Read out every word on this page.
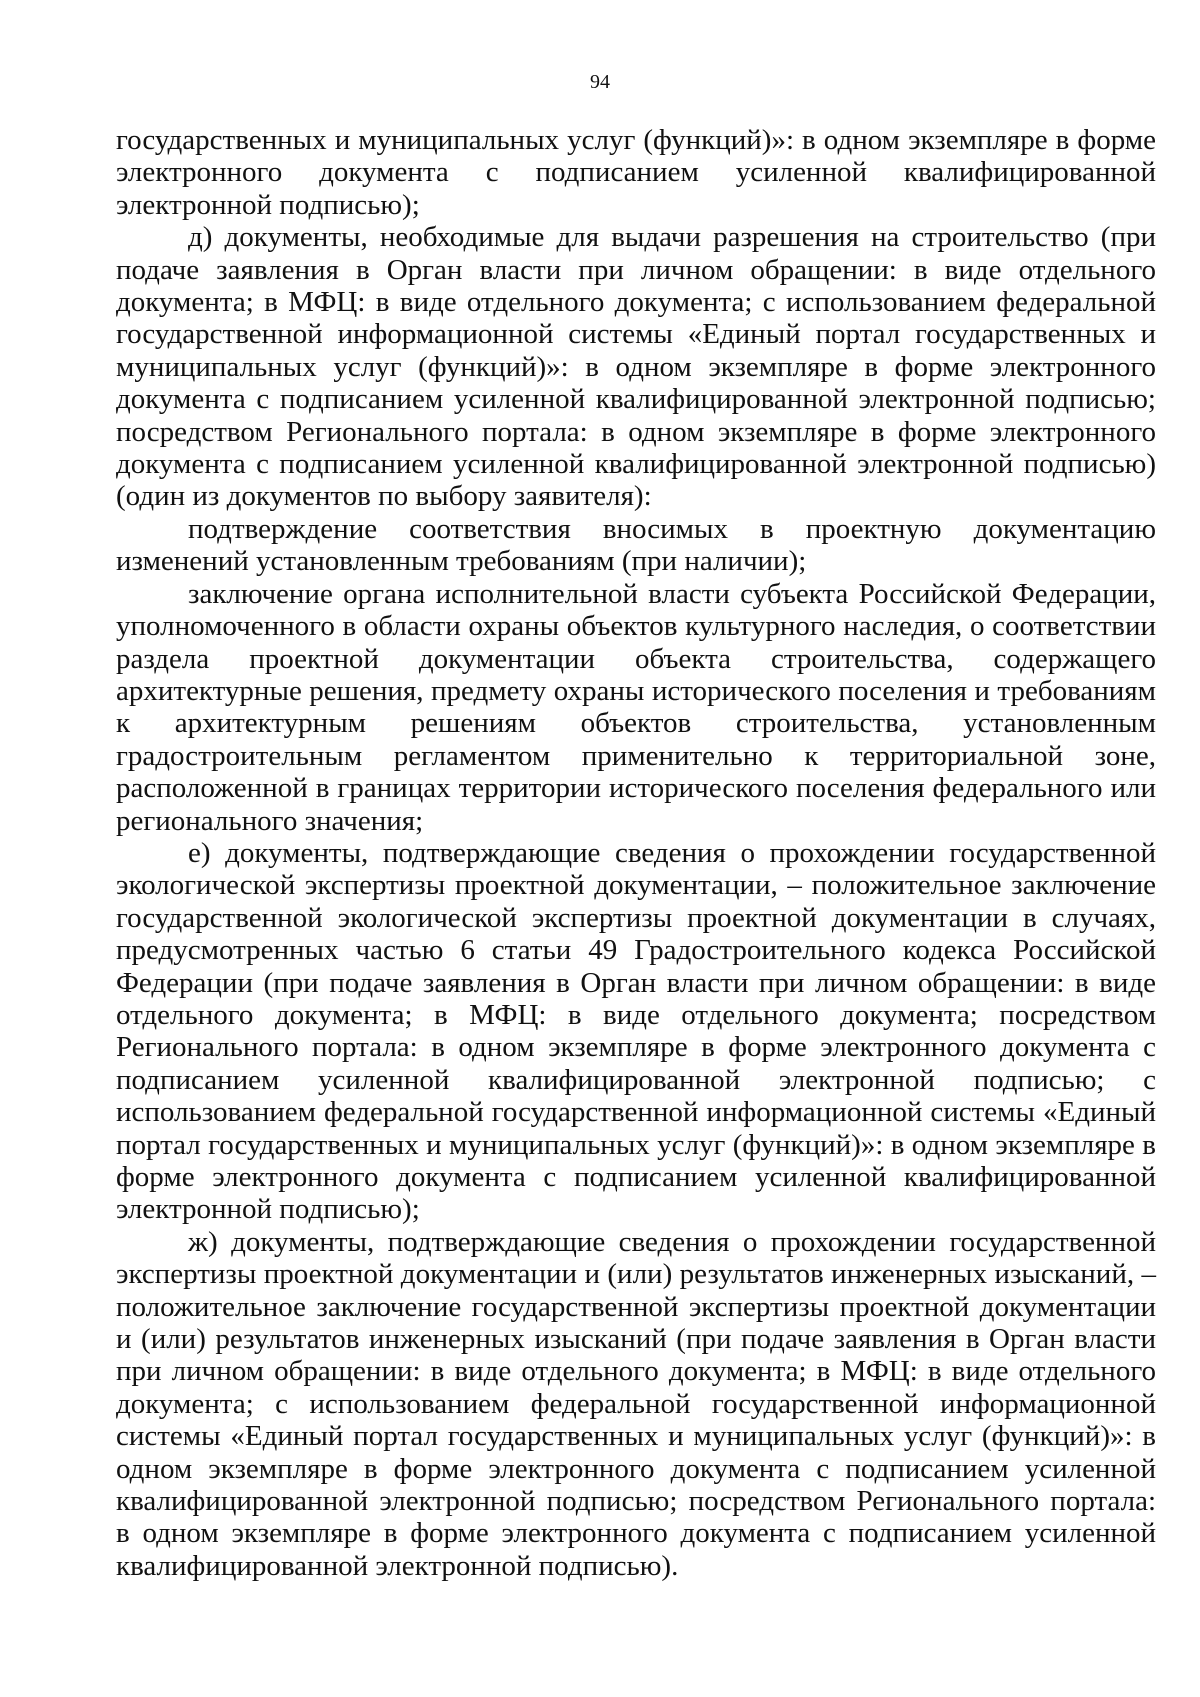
94

государственных и муниципальных услуг (функций)»: в одном экземпляре в форме электронного документа с подписанием усиленной квалифицированной электронной подписью);

д) документы, необходимые для выдачи разрешения на строительство (при подаче заявления в Орган власти при личном обращении: в виде отдельного документа; в МФЦ: в виде отдельного документа; с использованием федеральной государственной информационной системы «Единый портал государственных и муниципальных услуг (функций)»: в одном экземпляре в форме электронного документа с подписанием усиленной квалифицированной электронной подписью; посредством Регионального портала: в одном экземпляре в форме электронного документа с подписанием усиленной квалифицированной электронной подписью) (один из документов по выбору заявителя):

подтверждение соответствия вносимых в проектную документацию изменений установленным требованиям (при наличии);

заключение органа исполнительной власти субъекта Российской Федерации, уполномоченного в области охраны объектов культурного наследия, о соответствии раздела проектной документации объекта строительства, содержащего архитектурные решения, предмету охраны исторического поселения и требованиям к архитектурным решениям объектов строительства, установленным градостроительным регламентом применительно к территориальной зоне, расположенной в границах территории исторического поселения федерального или регионального значения;

е) документы, подтверждающие сведения о прохождении государственной экологической экспертизы проектной документации, – положительное заключение государственной экологической экспертизы проектной документации в случаях, предусмотренных частью 6 статьи 49 Градостроительного кодекса Российской Федерации (при подаче заявления в Орган власти при личном обращении: в виде отдельного документа; в МФЦ: в виде отдельного документа; посредством Регионального портала: в одном экземпляре в форме электронного документа с подписанием усиленной квалифицированной электронной подписью; с использованием федеральной государственной информационной системы «Единый портал государственных и муниципальных услуг (функций)»: в одном экземпляре в форме электронного документа с подписанием усиленной квалифицированной электронной подписью);

ж) документы, подтверждающие сведения о прохождении государственной экспертизы проектной документации и (или) результатов инженерных изысканий, – положительное заключение государственной экспертизы проектной документации и (или) результатов инженерных изысканий (при подаче заявления в Орган власти при личном обращении: в виде отдельного документа; в МФЦ: в виде отдельного документа; с использованием федеральной государственной информационной системы «Единый портал государственных и муниципальных услуг (функций)»: в одном экземпляре в форме электронного документа с подписанием усиленной квалифицированной электронной подписью; посредством Регионального портала: в одном экземпляре в форме электронного документа с подписанием усиленной квалифицированной электронной подписью).
